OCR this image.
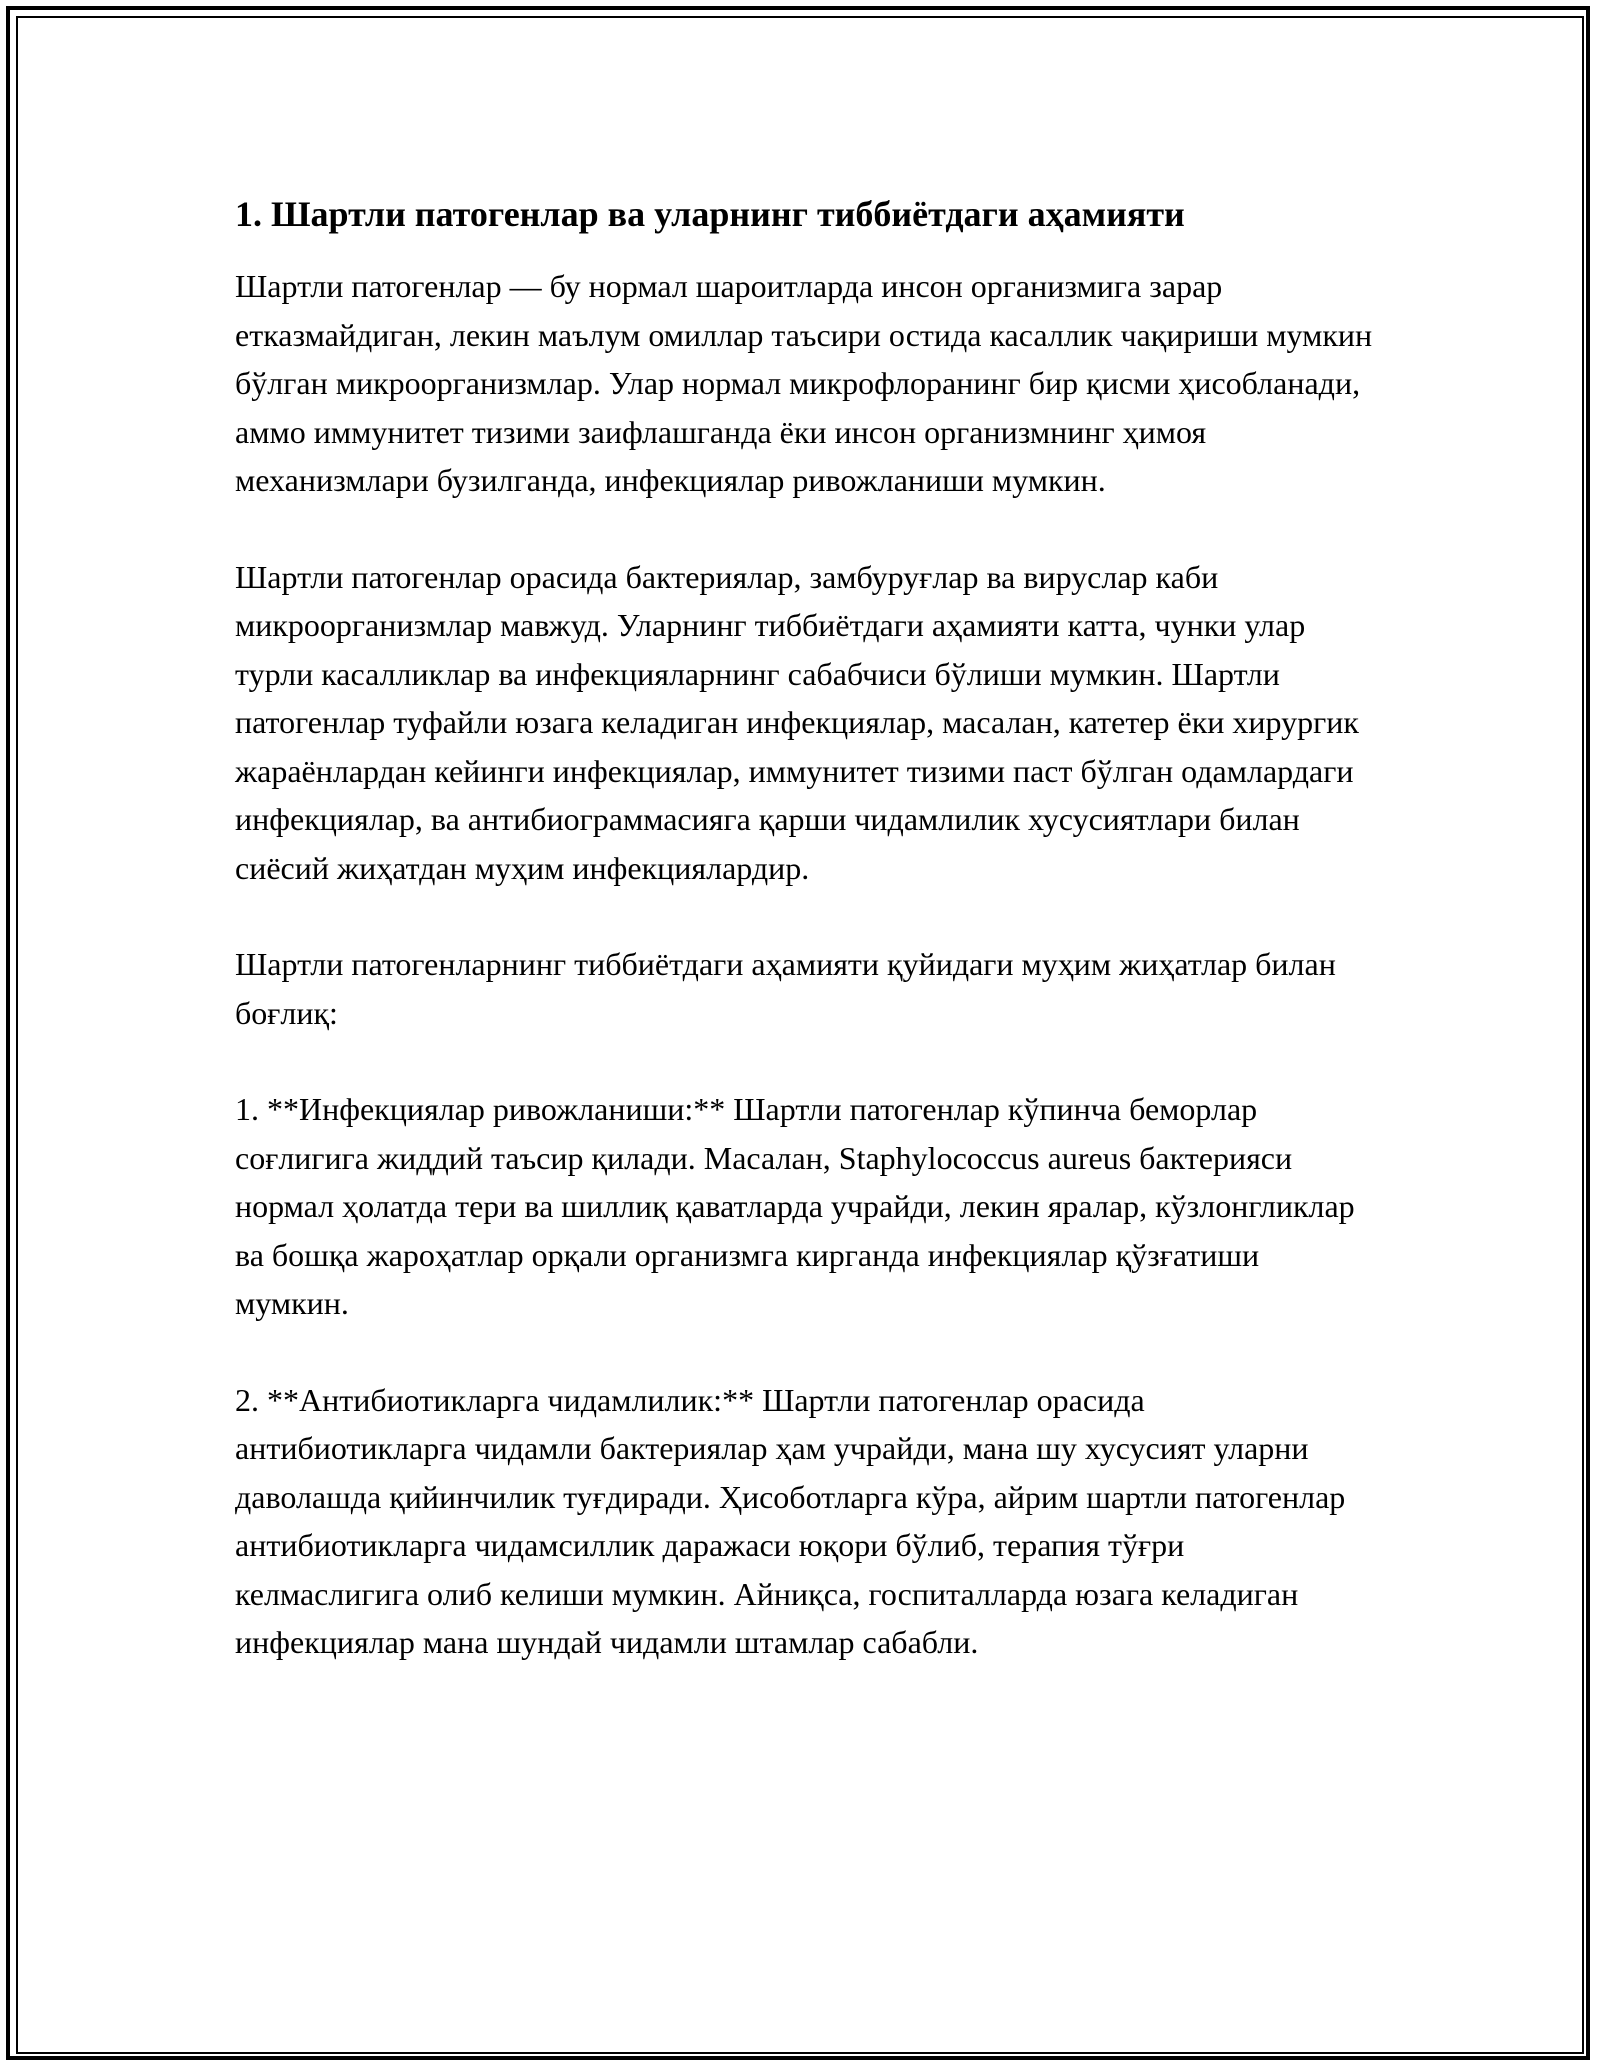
1. Шартли патогенлар ва уларнинг тиббиётдаги аҳамияти

Шартли патогенлар — бу нормал шароитларда инсон организмига зарар етказмайдиган, лекин маълум омиллар таъсири остида касаллик чақириши мумкин бўлган микроорганизмлар. Улар нормал микрофлоранинг бир қисми ҳисобланади, аммо иммунитет тизими заифлашганда ёки инсон организмнинг ҳимоя механизмлари бузилганда, инфекциялар ривожланиши мумкин.

Шартли патогенлар орасида бактериялар, замбуруғлар ва вируслар каби микроорганизмлар мавжуд. Уларнинг тиббиётдаги аҳамияти катта, чунки улар турли касалликлар ва инфекцияларнинг сабабчиси бўлиши мумкин. Шартли патогенлар туфайли юзага келадиган инфекциялар, масалан, катетер ёки хирургик жараёнлардан кейинги инфекциялар, иммунитет тизими паст бўлган одамлардаги инфекциялар, ва антибиограммасияга қарши чидамлилик хусусиятлари билан сиёсий жиҳатдан муҳим инфекциялардир.

Шартли патогенларнинг тиббиётдаги аҳамияти қуйидаги муҳим жиҳатлар билан боғлиқ:

1. **Инфекциялар ривожланиши:** Шартли патогенлар кўпинча беморлар соғлигига жиддий таъсир қилади. Масалан, Staphylococcus aureus бактерияси нормал ҳолатда тери ва шиллиқ қаватларда учрайди, лекин яралар, кўзлонгликлар ва бошқа жароҳатлар орқали организмга кирганда инфекциялар қўзғатиши мумкин.

2. **Антибиотикларга чидамлилик:** Шартли патогенлар орасида антибиотикларга чидамли бактериялар ҳам учрайди, мана шу хусусият уларни даволашда қийинчилик туғдиради. Ҳисоботларга кўра, айрим шартли патогенлар антибиотикларга чидамсиллик даражаси юқори бўлиб, терапия тўғри келмаслигига олиб келиши мумкин. Айниқса, госпиталларда юзага келадиган инфекциялар мана шундай чидамли штамлар сабабли.
